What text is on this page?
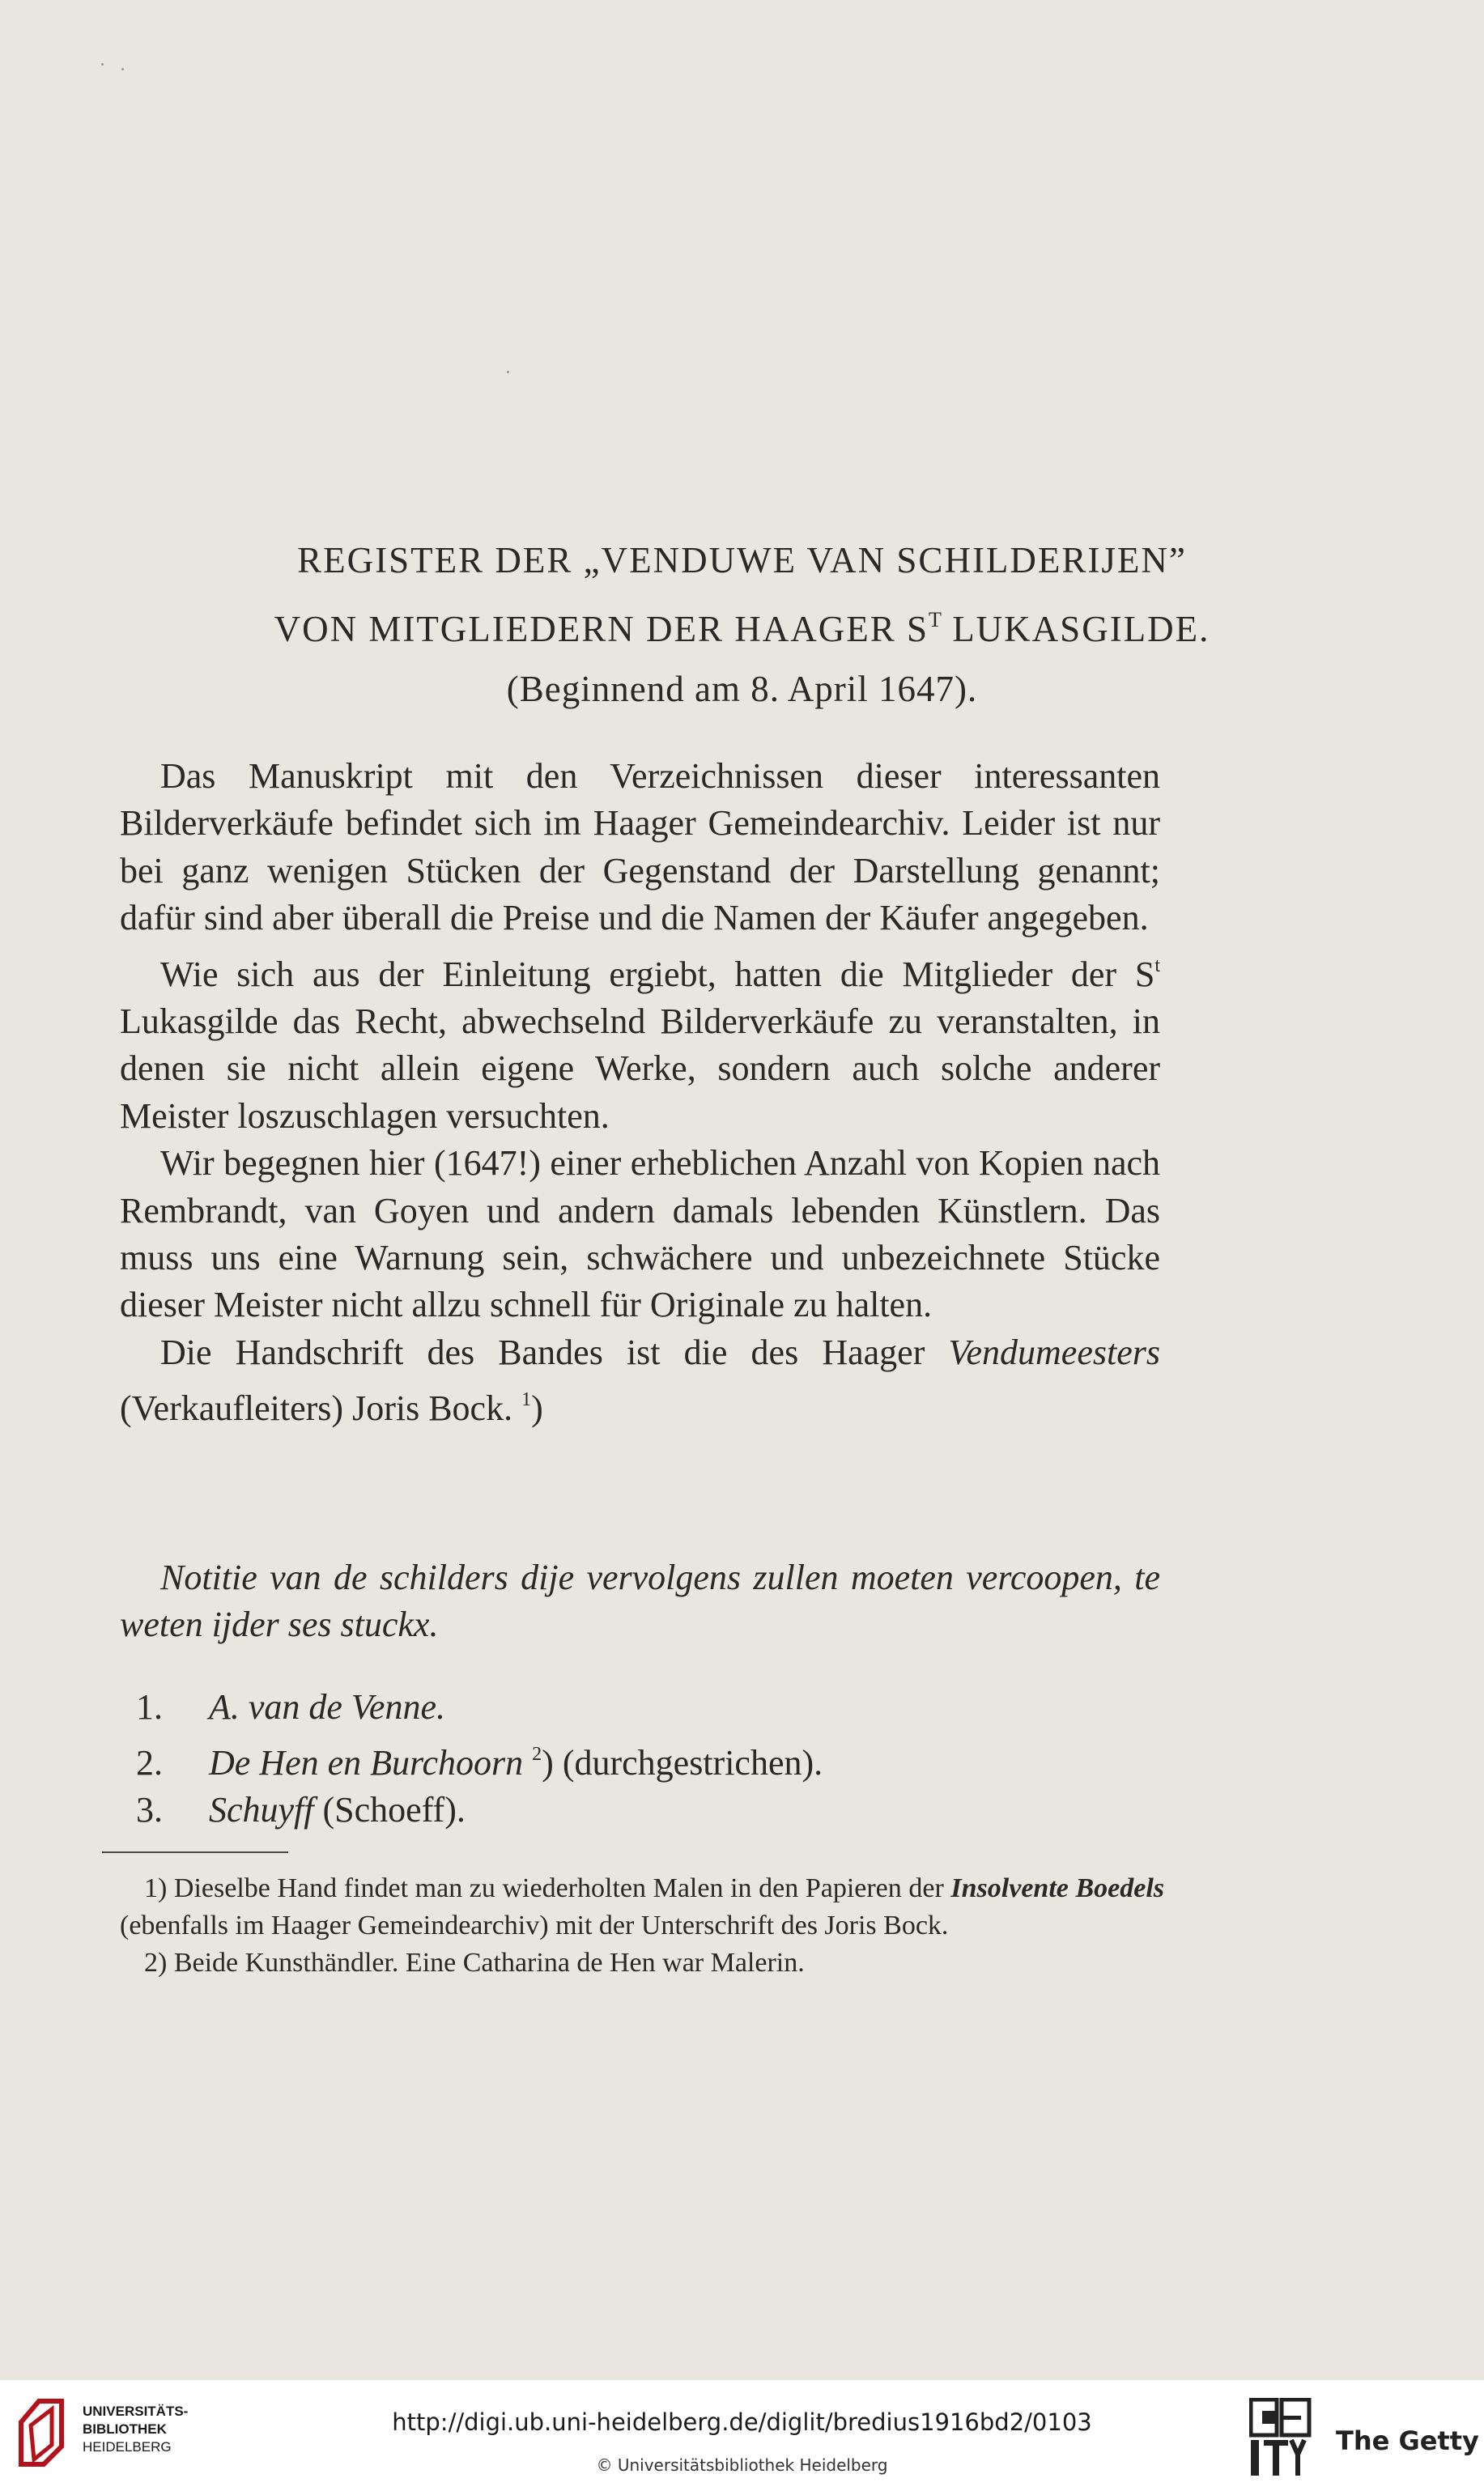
REGISTER DER „VENDUWE VAN SCHILDERIJEN”
VON MITGLIEDERN DER HAAGER $S^T$ LUKASGILDE.
(Beginnend am 8. April 1647).

Das Manuskript mit den Verzeichnissen dieser interessanten Bilderverkäufe befindet sich im Haager Gemeindearchiv. Leider ist nur bei ganz wenigen Stücken der Gegenstand der Darstellung genannt; dafür sind aber überall die Preise und die Namen der Käufer angegeben.

Wie sich aus der Einleitung ergiebt, hatten die Mitglieder der $S^t$ Lukasgilde das Recht, abwechselnd Bilderverkäufe zu veranstalten, in denen sie nicht allein eigene Werke, sondern auch solche anderer Meister loszuschlagen versuchten.

Wir begegnen hier (1647!) einer erheblichen Anzahl von Kopien nach Rembrandt, van Goyen und andern damals lebenden Künstlern. Das muss uns eine Warnung sein, schwächere und unbezeichnete Stücke dieser Meister nicht allzu schnell für Originale zu halten.

Die Handschrift des Bandes ist die des Haager Vendumeesters (Verkaufleiters) Joris Bock. $^1$)

Notitie van de schilders dije vervolgens zullen moeten vercoopen, te weten ijder ses stuckx.
1. A. van de Venne.
2. De Hen en Burchoorn $^2$) (durchgestrichen).
3. Schuyff (Schoeff).

1) Dieselbe Hand findet man zu wiederholten Malen in den Papieren der Insolvente Boedels (ebenfalls im Haager Gemeindearchiv) mit der Unterschrift des Joris Bock.

2) Beide Kunsthändler. Eine Catharina de Hen war Malerin.

UNIVERSITÄTS-
BIBLIOTHEK
HEIDELBERG
http://digi.ub.uni-heidelberg.de/diglit/bredius1916bd2/0103
© Universitätsbibliothek Heidelberg
The Getty
